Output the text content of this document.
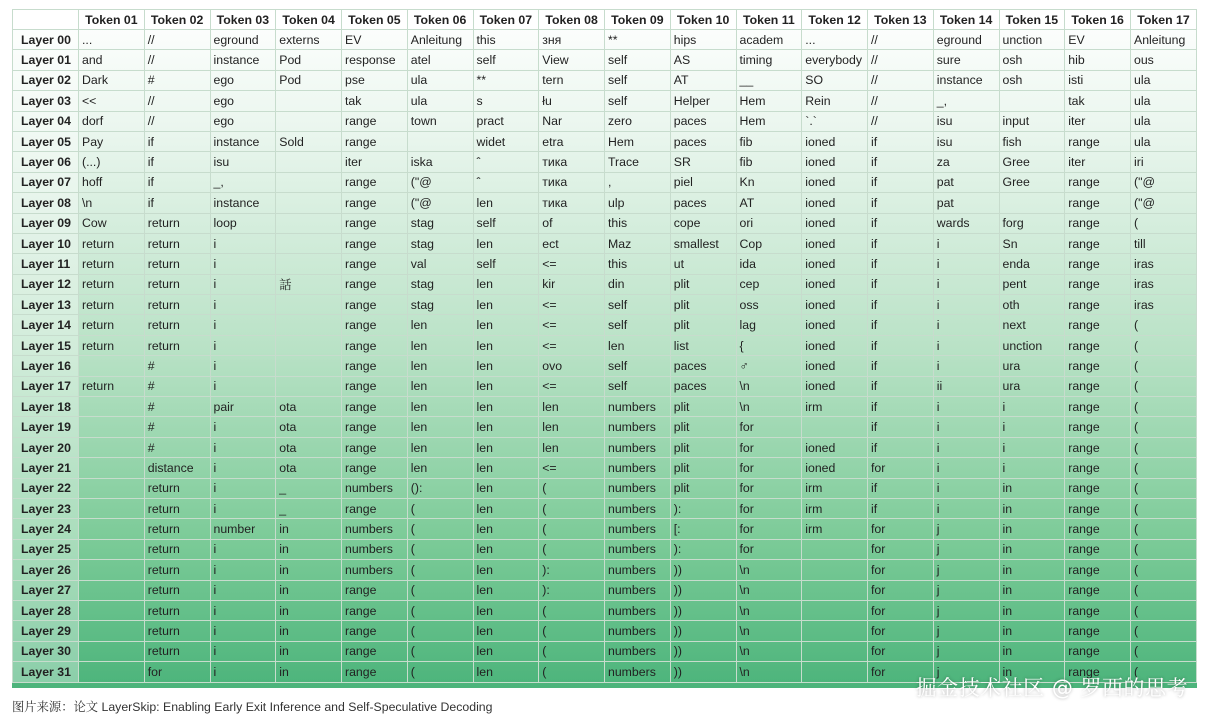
	Token 01	Token 02	Token 03	Token 04	Token 05	Token 06	Token 07	Token 08	Token 09	Token 10	Token 11	Token 12	Token 13	Token 14	Token 15	Token 16	Token 17
Layer 00	...	//	eground	externs	EV	Anleitung	this	зня	**	hips	academ	...	//	eground	unction	EV	Anleitung
Layer 01	and	//	instance	Pod	response	atel	self	View	self	AS	timing	everybody	//	sure	osh	hib	ous
Layer 02	Dark	#	ego	Pod	pse	ula	**	tern	self	AT	__	SO	//	instance	osh	isti	ula
Layer 03	<<	//	ego		tak	ula	s	łu	self	Helper	Hem	Rein	//	_,		tak	ula
Layer 04	dorf	//	ego		range	town	pract	Nar	zero	paces	Hem	`.`	//	isu	input	iter	ula
Layer 05	Pay	if	instance	Sold	range		widet	etra	Hem	paces	fib	ioned	if	isu	fish	range	ula
Layer 06	(...)	if	isu		iter	iska	ˆ	тика	Trace	SR	fib	ioned	if	za	Gree	iter	iri
Layer 07	hoff	if	_,		range	("@	ˆ	тика	,	piel	Kn	ioned	if	pat	Gree	range	("@
Layer 08	\n	if	instance		range	("@	len	тика	ulp	paces	AT	ioned	if	pat		range	("@
Layer 09	Cow	return	loop		range	stag	self	of	this	cope	ori	ioned	if	wards	forg	range	(
Layer 10	return	return	i		range	stag	len	ect	Maz	smallest	Cop	ioned	if	i	Sn	range	till
Layer 11	return	return	i		range	val	self	<=	this	ut	ida	ioned	if	i	enda	range	iras
Layer 12	return	return	i	話	range	stag	len	kir	din	plit	cep	ioned	if	i	pent	range	iras
Layer 13	return	return	i		range	stag	len	<=	self	plit	oss	ioned	if	i	oth	range	iras
Layer 14	return	return	i		range	len	len	<=	self	plit	lag	ioned	if	i	next	range	(
Layer 15	return	return	i		range	len	len	<=	len	list	{	ioned	if	i	unction	range	(
Layer 16		#	i		range	len	len	ovo	self	paces	♂	ioned	if	i	ura	range	(
Layer 17	return	#	i		range	len	len	<=	self	paces	\n	ioned	if	ii	ura	range	(
Layer 18		#	pair	ota	range	len	len	len	numbers	plit	\n	irm	if	i	i	range	(
Layer 19		#	i	ota	range	len	len	len	numbers	plit	for		if	i	i	range	(
Layer 20		#	i	ota	range	len	len	len	numbers	plit	for	ioned	if	i	i	range	(
Layer 21		distance	i	ota	range	len	len	<=	numbers	plit	for	ioned	for	i	i	range	(
Layer 22		return	i	_	numbers	():	len	(	numbers	plit	for	irm	if	i	in	range	(
Layer 23		return	i	_	range	(	len	(	numbers	):	for	irm	if	i	in	range	(
Layer 24		return	number	in	numbers	(	len	(	numbers	[:	for	irm	for	j	in	range	(
Layer 25		return	i	in	numbers	(	len	(	numbers	):	for		for	j	in	range	(
Layer 26		return	i	in	numbers	(	len	):	numbers	))	\n		for	j	in	range	(
Layer 27		return	i	in	range	(	len	):	numbers	))	\n		for	j	in	range	(
Layer 28		return	i	in	range	(	len	(	numbers	))	\n		for	j	in	range	(
Layer 29		return	i	in	range	(	len	(	numbers	))	\n		for	j	in	range	(
Layer 30		return	i	in	range	(	len	(	numbers	))	\n		for	j	in	range	(
Layer 31		for	i	in	range	(	len	(	numbers	))	\n		for	j	in	range	(
图片来源：论文 LayerSkip: Enabling Early Exit Inference and Self-Speculative Decoding
掘金技术社区 @ 罗西的思考
